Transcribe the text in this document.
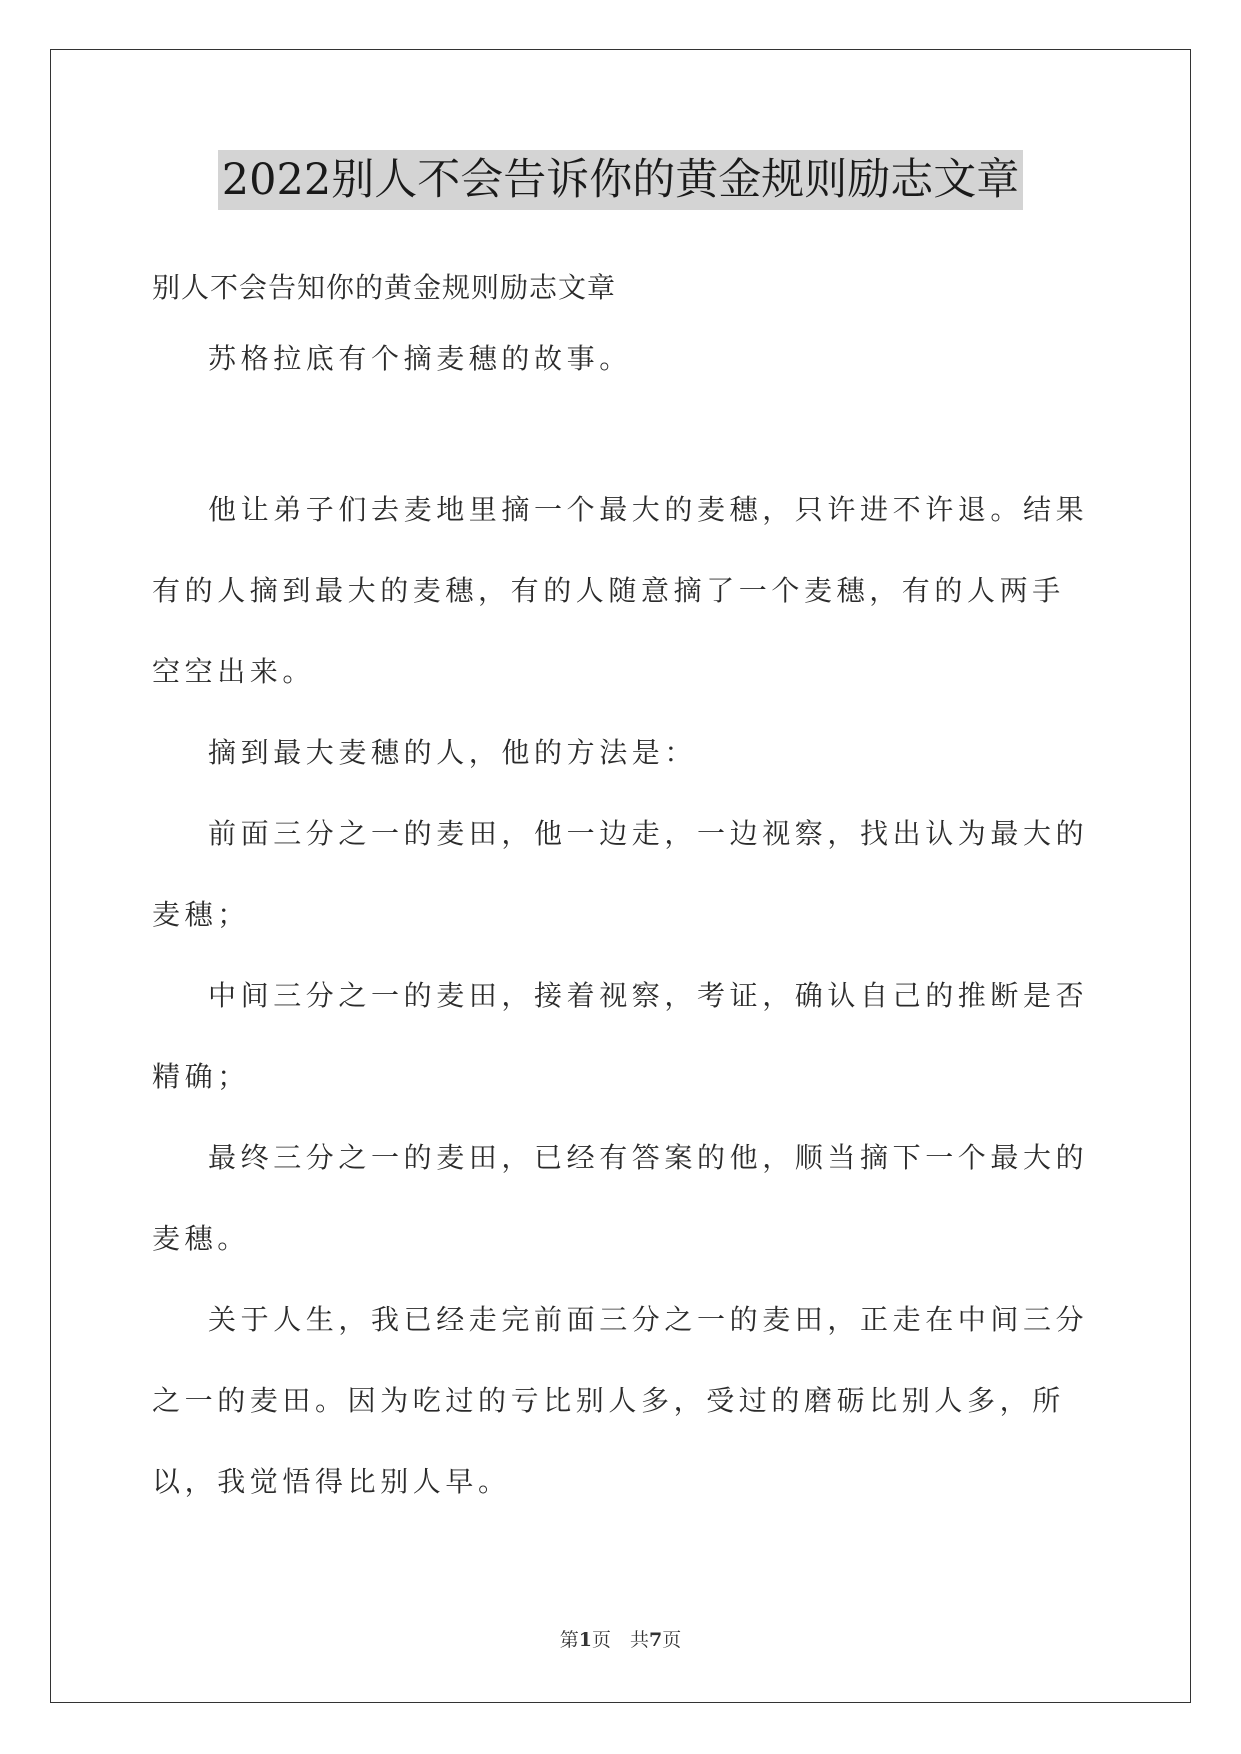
2022别人不会告诉你的黄金规则励志文章
别人不会告知你的黄金规则励志文章

苏格拉底有个摘麦穗的故事。

他让弟子们去麦地里摘一个最大的麦穗，只许进不许退。结果有的人摘到最大的麦穗，有的人随意摘了一个麦穗，有的人两手空空出来。

摘到最大麦穗的人，他的方法是：

前面三分之一的麦田，他一边走，一边视察，找出认为最大的麦穗；

中间三分之一的麦田，接着视察，考证，确认自己的推断是否精确；

最终三分之一的麦田，已经有答案的他，顺当摘下一个最大的麦穗。

关于人生，我已经走完前面三分之一的麦田，正走在中间三分之一的麦田。因为吃过的亏比别人多，受过的磨砺比别人多，所以，我觉悟得比别人早。

第1页　共7页
